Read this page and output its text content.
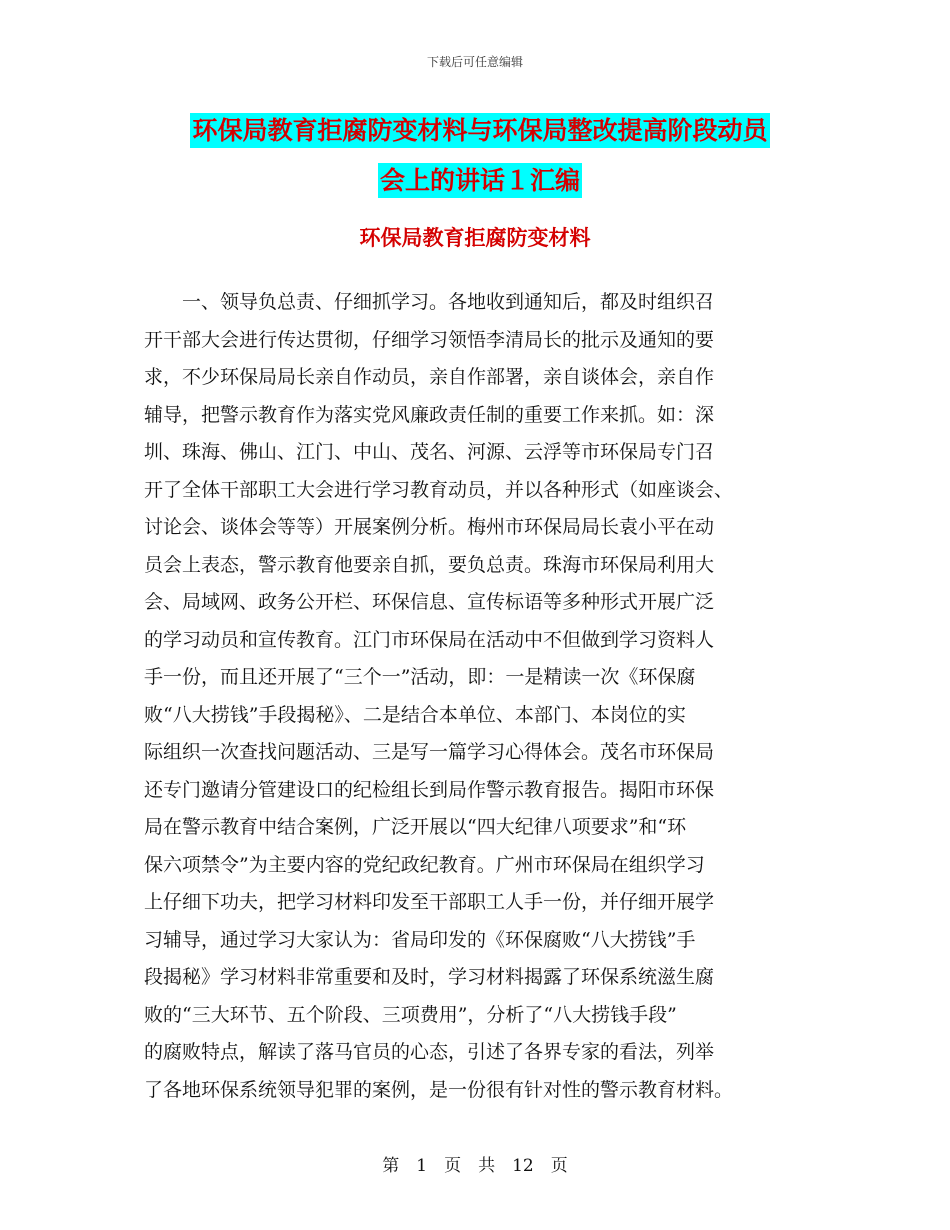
下载后可任意编辑
环保局教育拒腐防变材料与环保局整改提高阶段动员
会上的讲话１汇编
环保局教育拒腐防变材料
　　一、领导负总责、仔细抓学习。各地收到通知后，都及时组织召
开干部大会进行传达贯彻，仔细学习领悟李清局长的批示及通知的要
求，不少环保局局长亲自作动员，亲自作部署，亲自谈体会，亲自作
辅导，把警示教育作为落实党风廉政责任制的重要工作来抓。如：深
圳、珠海、佛山、江门、中山、茂名、河源、云浮等市环保局专门召
开了全体干部职工大会进行学习教育动员，并以各种形式（如座谈会、
讨论会、谈体会等等）开展案例分析。梅州市环保局局长袁小平在动
员会上表态，警示教育他要亲自抓，要负总责。珠海市环保局利用大
会、局域网、政务公开栏、环保信息、宣传标语等多种形式开展广泛
的学习动员和宣传教育。江门市环保局在活动中不但做到学习资料人
手一份，而且还开展了“三个一”活动，即：一是精读一次《环保腐
败“八大捞钱”手段揭秘》、二是结合本单位、本部门、本岗位的实
际组织一次查找问题活动、三是写一篇学习心得体会。茂名市环保局
还专门邀请分管建设口的纪检组长到局作警示教育报告。揭阳市环保
局在警示教育中结合案例，广泛开展以“四大纪律八项要求”和“环
保六项禁令”为主要内容的党纪政纪教育。广州市环保局在组织学习
上仔细下功夫，把学习材料印发至干部职工人手一份，并仔细开展学
习辅导，通过学习大家认为：省局印发的《环保腐败“八大捞钱”手
段揭秘》学习材料非常重要和及时，学习材料揭露了环保系统滋生腐
败的“三大环节、五个阶段、三项费用”，分析了“八大捞钱手段”
的腐败特点，解读了落马官员的心态，引述了各界专家的看法，列举
了各地环保系统领导犯罪的案例，是一份很有针对性的警示教育材料。
第　1　页　共　12　页
